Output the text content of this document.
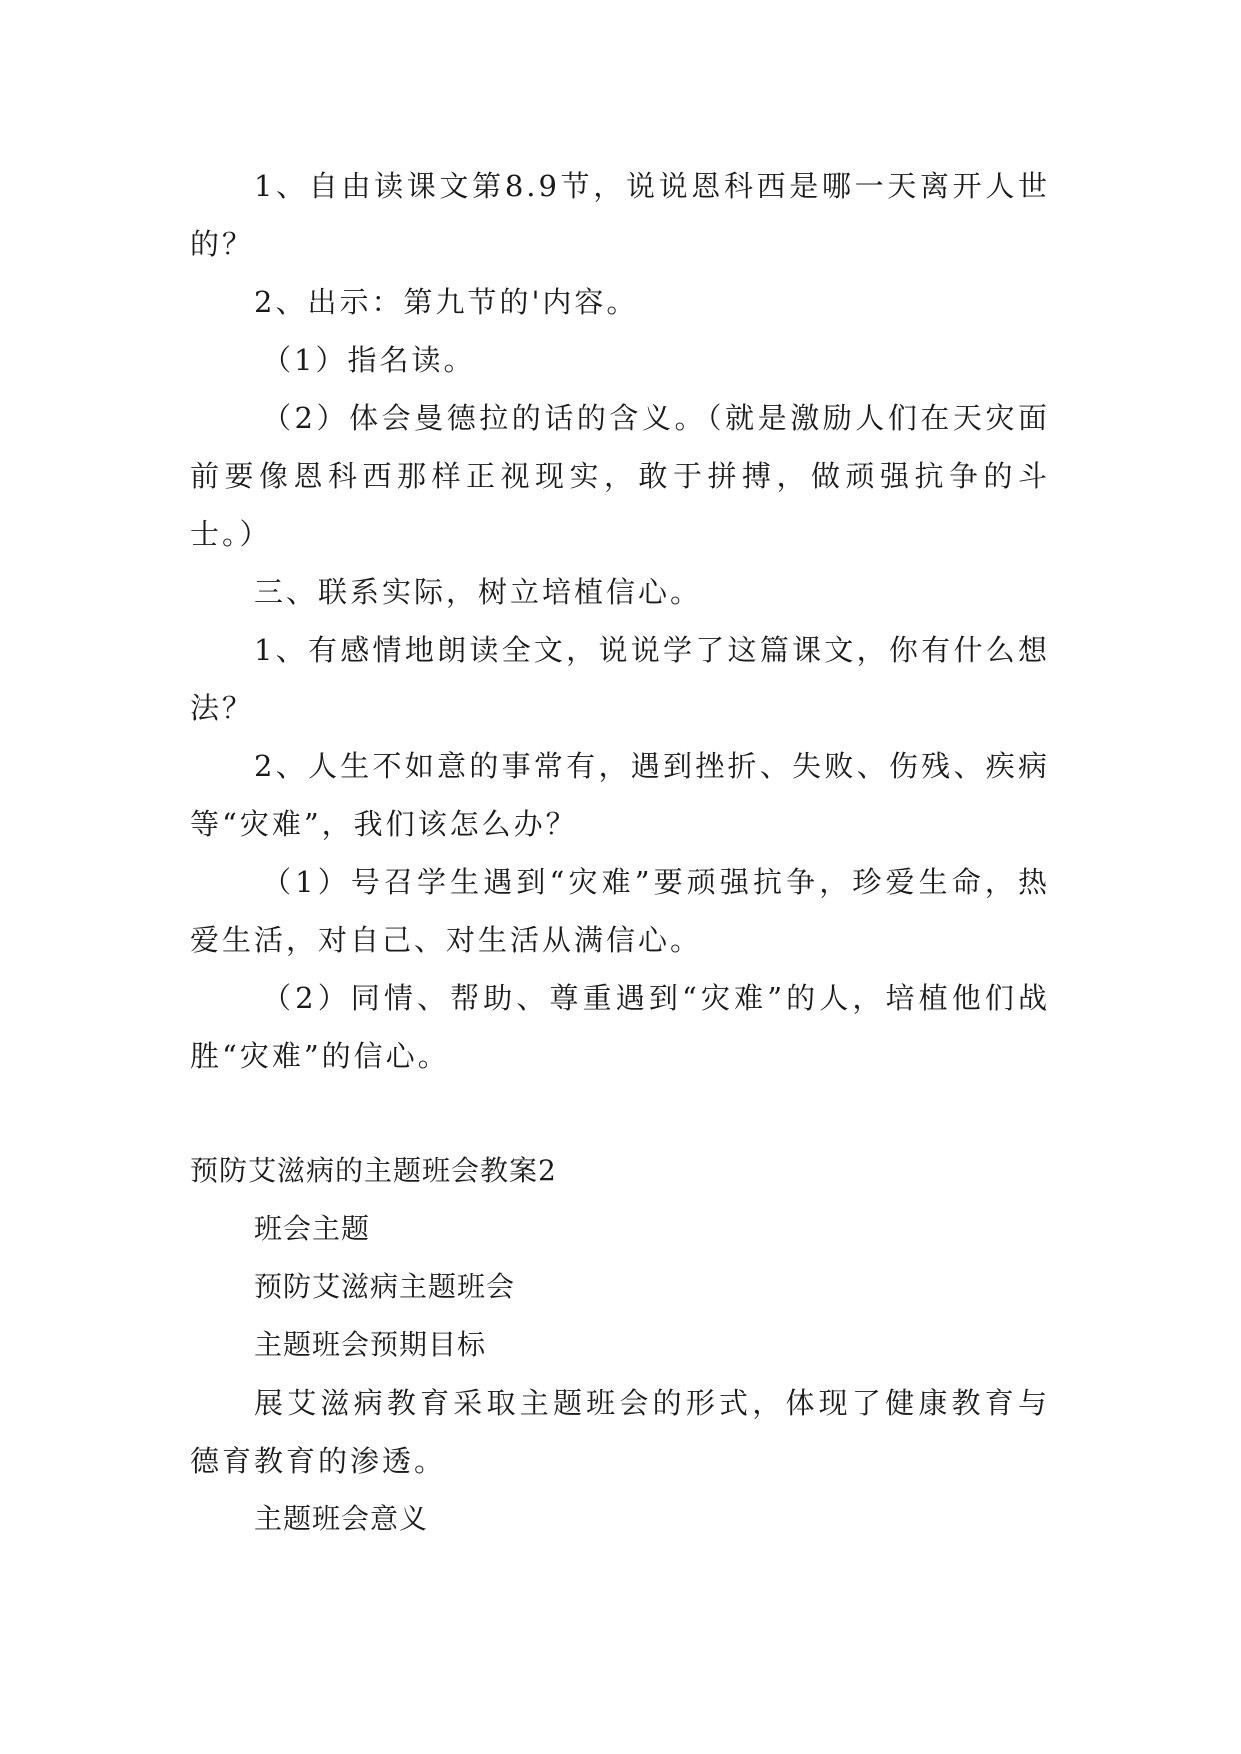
1、自由读课文第8.9节，说说恩科西是哪一天离开人世的？

2、出示：第九节的'内容。

（1）指名读。

（2）体会曼德拉的话的含义。（就是激励人们在天灾面前要像恩科西那样正视现实，敢于拼搏，做顽强抗争的斗士。）

三、联系实际，树立培植信心。

1、有感情地朗读全文，说说学了这篇课文，你有什么想法？

2、人生不如意的事常有，遇到挫折、失败、伤残、疾病等“灾难”，我们该怎么办？

（1）号召学生遇到“灾难”要顽强抗争，珍爱生命，热爱生活，对自己、对生活从满信心。

（2）同情、帮助、尊重遇到“灾难”的人，培植他们战胜“灾难”的信心。

预防艾滋病的主题班会教案2

班会主题

预防艾滋病主题班会

主题班会预期目标

展艾滋病教育采取主题班会的形式，体现了健康教育与德育教育的渗透。

主题班会意义
